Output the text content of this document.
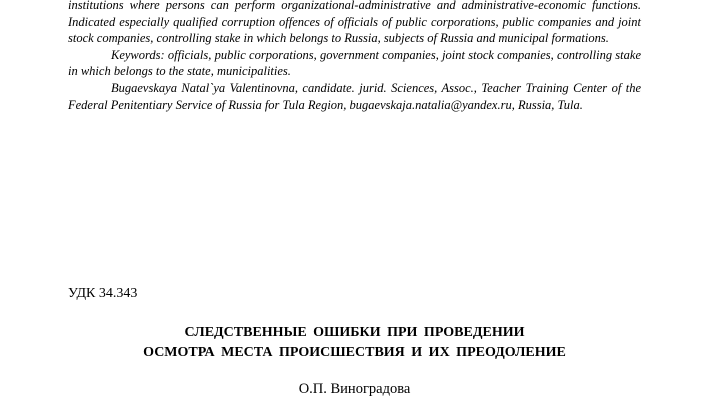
institutions where persons can perform organizational-administrative and administrative-economic functions. Indicated especially qualified corruption offences of officials of public corporations, public companies and joint stock companies, controlling stake in which belongs to Russia, subjects of Russia and municipal formations.

Keywords: officials, public corporations, government companies, joint stock companies, controlling stake in which belongs to the state, municipalities.

Bugaevskaya Natal`ya Valentinovna, candidate. jurid. Sciences, Assoc., Teacher Training Center of the Federal Penitentiary Service of Russia for Tula Region, bugaevskaja.natalia@yandex.ru, Russia, Tula.

УДК 34.343

СЛЕДСТВЕННЫЕ ОШИБКИ ПРИ ПРОВЕДЕНИИ
ОСМОТРА МЕСТА ПРОИСШЕСТВИЯ И ИХ ПРЕОДОЛЕНИЕ

О.П. Виноградова
